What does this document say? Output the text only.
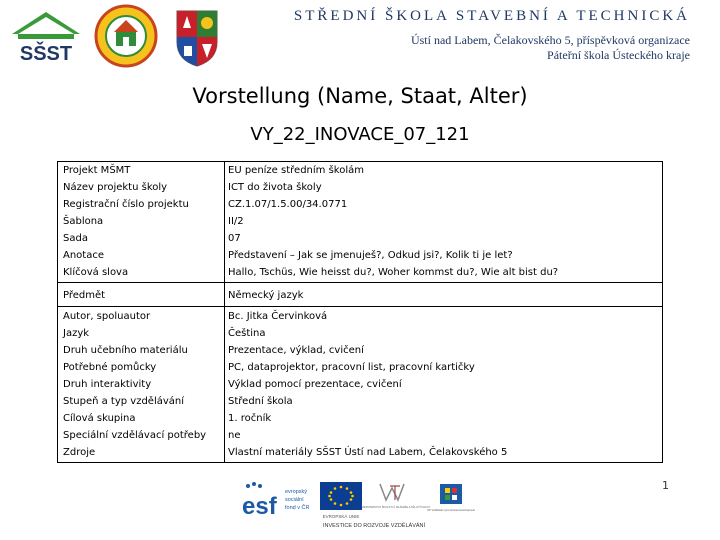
SŠST
STŘEDNÍ ŠKOLA STAVEBNÍ A TECHNICKÁ
Ústí nad Labem, Čelakovského 5, příspěvková organizace
Páteřní škola Ústeckého kraje
Vorstellung (Name, Staat, Alter)
VY_22_INOVACE_07_121
Projekt MŠMT	EU peníze středním školám
Název projektu školy	ICT do života školy
Registrační číslo projektu	CZ.1.07/1.5.00/34.0771
Šablona	II/2
Sada	07
Anotace	Představení – Jak se jmenuješ?, Odkud jsi?, Kolik ti je let?
Klíčová slova	Hallo, Tschüs, Wie heisst du?, Woher kommst du?, Wie alt bist du?
Předmět	Německý jazyk
Autor, spoluautor	Bc. Jitka Červinková
Jazyk	Čeština
Druh učebního materiálu	Prezentace, výklad, cvičení
Potřebné pomůcky	PC, dataprojektor, pracovní list, pracovní kartičky
Druh interaktivity	Výklad pomocí prezentace, cvičení
Stupeň a typ vzdělávání	Střední škola
Cílová skupina	1. ročník
Speciální vzdělávací potřeby ne
Zdroje	Vlastní materiály SŠST Ústí nad Labem, Čelakovského 5
esf
evropský
sociální
fond v ČR
EVROPSKÁ UNIE
MINISTERSTVO ŠKOLSTVÍ, MLÁDEŽE A TĚLOVÝCHOVY
OP Vzdělávání pro konkurenceschopnost
INVESTICE DO ROZVOJE VZDĚLÁVÁNÍ
1
